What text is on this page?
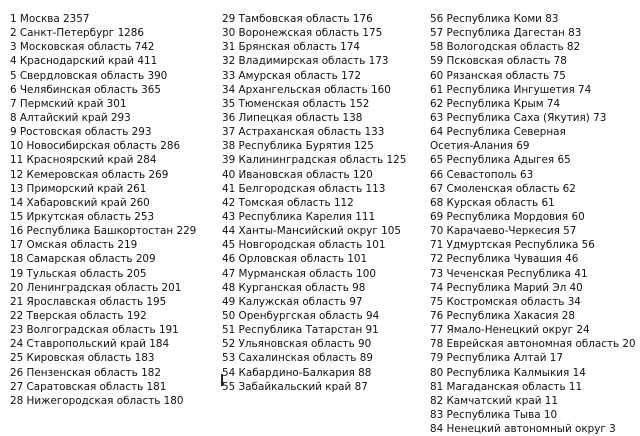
1 Москва 2357
2 Санкт-Петербург 1286
3 Московская область 742
4 Краснодарский край 411
5 Свердловская область 390
6 Челябинская область 365
7 Пермский край 301
8 Алтайский край 293
9 Ростовская область 293
10 Новосибирская область 286
11 Красноярский край 284
12 Кемеровская область 269
13 Приморский край 261
14 Хабаровский край 260
15 Иркутская область 253
16 Республика Башкортостан 229
17 Омская область 219
18 Самарская область 209
19 Тульская область 205
20 Ленинградская область 201
21 Ярославская область 195
22 Тверская область 192
23 Волгоградская область 191
24 Ставропольский край 184
25 Кировская область 183
26 Пензенская область 182
27 Саратовская область 181
28 Нижегородская область 180
29 Тамбовская область 176
30 Воронежская область 175
31 Брянская область 174
32 Владимирская область 173
33 Амурская область 172
34 Архангельская область 160
35 Тюменская область 152
36 Липецкая область 138
37 Астраханская область 133
38 Республика Бурятия 125
39 Калининградская область 125
40 Ивановская область 120
41 Белгородская область 113
42 Томская область 112
43 Республика Карелия 111
44 Ханты-Мансийский округ 105
45 Новгородская область 101
46 Орловская область 101
47 Мурманская область 100
48 Курганская область 98
49 Калужская область 97
50 Оренбургская область 94
51 Республика Татарстан 91
52 Ульяновская область 90
53 Сахалинская область 89
54 Кабардино-Балкария 88
55 Забайкальский край 87
56 Республика Коми 83
57 Республика Дагестан 83
58 Вологодская область 82
59 Псковская область 78
60 Рязанская область 75
61 Республика Ингушетия 74
62 Республика Крым 74
63 Республика Саха (Якутия) 73
64 Республика Северная
Осетия-Алания 69
65 Республика Адыгея 65
66 Севастополь 63
67 Смоленская область 62
68 Курская область 61
69 Республика Мордовия 60
70 Карачаево-Черкесия 57
71 Удмуртская Республика 56
72 Республика Чувашия 46
73 Чеченская Республика 41
74 Республика Марий Эл 40
75 Костромская область 34
76 Республика Хакасия 28
77 Ямало-Ненецкий округ 24
78 Еврейская автономная область 20
79 Республика Алтай 17
80 Республика Калмыкия 14
81 Магаданская область 11
82 Камчатский край 11
83 Республика Тыва 10
84 Ненецкий автономный округ 3
